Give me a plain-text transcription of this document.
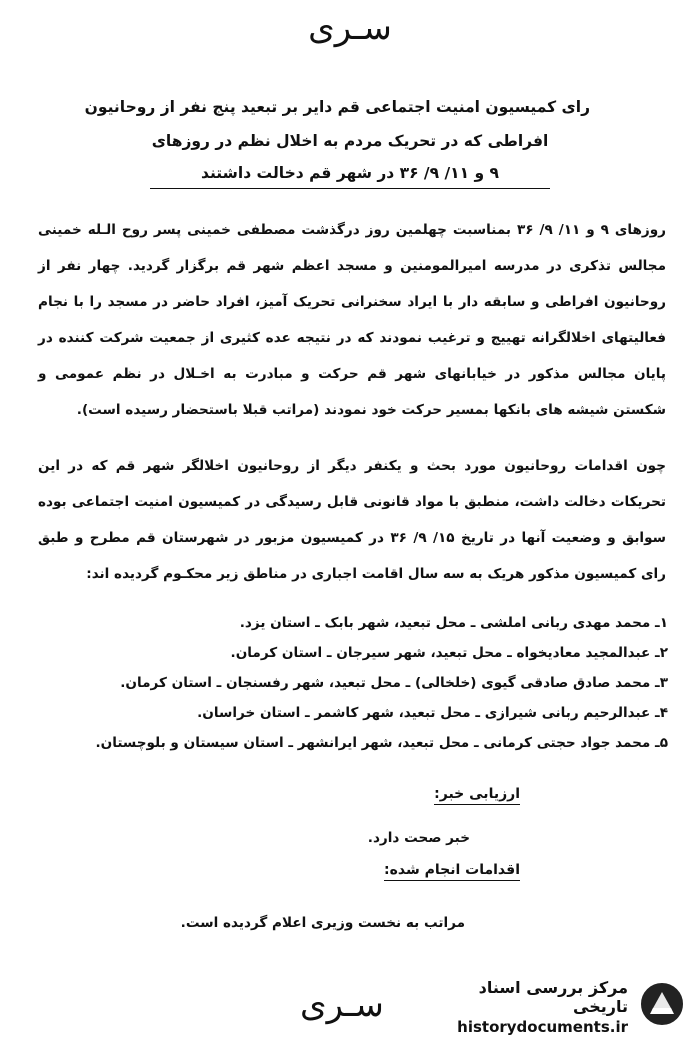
سـری
رای کمیسیون امنیت اجتماعی قم دایر بر تبعید پنج نفر از روحانیون
افراطی که در تحریک مردم به اخلال نظم در روزهای
۹ و ۱۱/ ۹/ ۳۶ در شهر قم دخالت داشتند
روزهای ۹ و ۱۱/ ۹/ ۳۶ بمناسبت چهلمین روز درگذشت مصطفی خمینی پسر روح الـله خمینی مجالس تذکری در مدرسه امیرالمومنین و مسجد اعظم شهر قم برگزار گردید. چهار نفر از روحانیون افراطی و سابقه دار با ایراد سخنرانی تحریک آمیز، افراد حاضر در مسجد را با نجام فعالیتهای اخلالگرانه تهییج و ترغیب نمودند که در نتیجه عده کثیری از جمعیت شرکت کننده در پایان مجالس مذکور در خیابانهای شهر قم حرکت و مبادرت به اخـلال در نظم عمومی و شکستن شیشه های بانکها بمسیر حرکت خود نمودند (مراتب قبلا باستحضار رسیده است).
چون اقدامات روحانیون مورد بحث و یکنفر دیگر از روحانیون اخلالگر شهر قم که در این تحریکات دخالت داشت، منطبق با مواد قانونی قابل رسیدگی در کمیسیون امنیت اجتماعی بوده سوابق و وضعیت آنها در تاریخ ۱۵/ ۹/ ۳۶ در کمیسیون مزبور در شهرستان قم مطرح و طبق رای کمیسیون مذکور هریک به سه سال اقامت اجباری در مناطق زیر محکـوم گردیده اند:
۱ـ محمد مهدی ربانی املشی ـ محل تبعید، شهر بابک ـ استان یزد.
۲ـ عبدالمجید معادیخواه ـ محل تبعید، شهر سیرجان ـ استان کرمان.
۳ـ محمد صادق صادقی گیوی (خلخالی) ـ محل تبعید، شهر رفسنجان ـ استان کرمان.
۴ـ عبدالرحیم ربانی شیرازی ـ محل تبعید، شهر کاشمر ـ استان خراسان.
۵ـ محمد جواد حجتی کرمانی ـ محل تبعید، شهر ایرانشهر ـ استان سیستان و بلوچستان.
ارزیابی خبر:
خبر صحت دارد.
اقدامات انجام شده:
مراتب به نخست وزیری اعلام گردیده است.
سـری	مرکز بررسی اسناد تاریخی
historydocuments.ir
